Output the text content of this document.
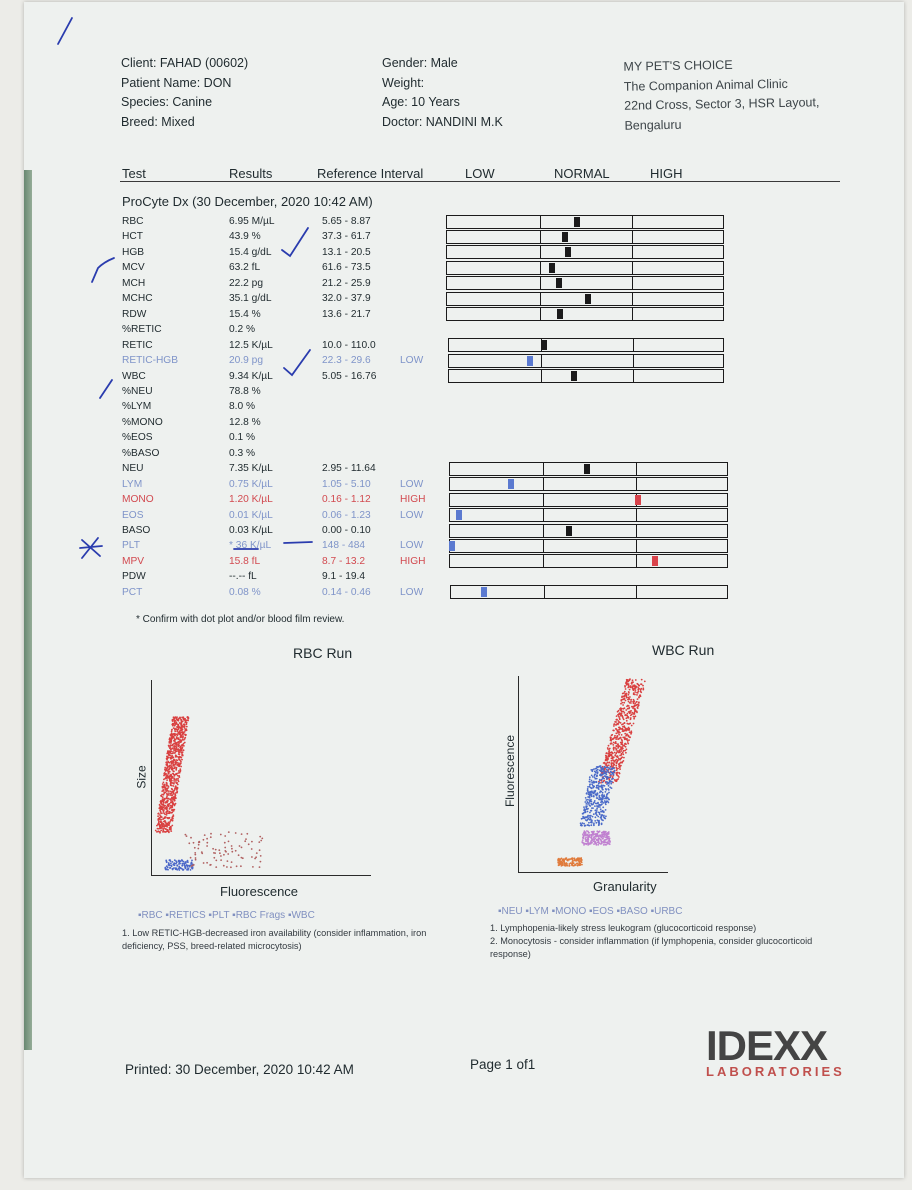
Client: FAHAD (00602)
Patient Name: DON
Species: Canine
Breed: Mixed
Gender: Male
Weight:
Age: 10 Years
Doctor: NANDINI M.K
MY PET'S CHOICE
The Companion Animal Clinic
22nd Cross, Sector 3, HSR Layout,
Bengaluru
Test	Results	Reference Interval	LOW	NORMAL	HIGH
ProCyte Dx (30 December, 2020 10:42 AM)
RBC	6.95 M/µL	5.65 - 8.87
HCT	43.9 %	37.3 - 61.7
HGB	15.4 g/dL	13.1 - 20.5
MCV	63.2 fL	61.6 - 73.5
MCH	22.2 pg	21.2 - 25.9
MCHC	35.1 g/dL	32.0 - 37.9
RDW	15.4 %	13.6 - 21.7
%RETIC	0.2 %
RETIC	12.5 K/µL	10.0 - 110.0
RETIC-HGB	20.9 pg	22.3 - 29.6	LOW
WBC	9.34 K/µL	5.05 - 16.76
%NEU	78.8 %
%LYM	8.0 %
%MONO	12.8 %
%EOS	0.1 %
%BASO	0.3 %
NEU	7.35 K/µL	2.95 - 11.64
LYM	0.75 K/µL	1.05 - 5.10	LOW
MONO	1.20 K/µL	0.16 - 1.12	HIGH
EOS	0.01 K/µL	0.06 - 1.23	LOW
BASO	0.03 K/µL	0.00 - 0.10
PLT	* 36 K/µL	148 - 484	LOW
MPV	15.8 fL	8.7 - 13.2	HIGH
PDW	--.-- fL	9.1 - 19.4
PCT	0.08 %	0.14 - 0.46	LOW
* Confirm with dot plot and/or blood film review.
RBC Run
Size
Fluorescence
▪RBC ▪RETICS ▪PLT ▪RBC Frags ▪WBC
1. Low RETIC-HGB-decreased iron availability (consider inflammation, iron deficiency, PSS, breed-related microcytosis)
WBC Run
Fluorescence
Granularity
▪NEU ▪LYM ▪MONO ▪EOS ▪BASO ▪URBC
1. Lymphopenia-likely stress leukogram (glucocorticoid response)
2. Monocytosis - consider inflammation (if lymphopenia, consider glucocorticoid response)
Printed: 30 December, 2020 10:42 AM	Page 1 of1	IDEXX
LABORATORIES
